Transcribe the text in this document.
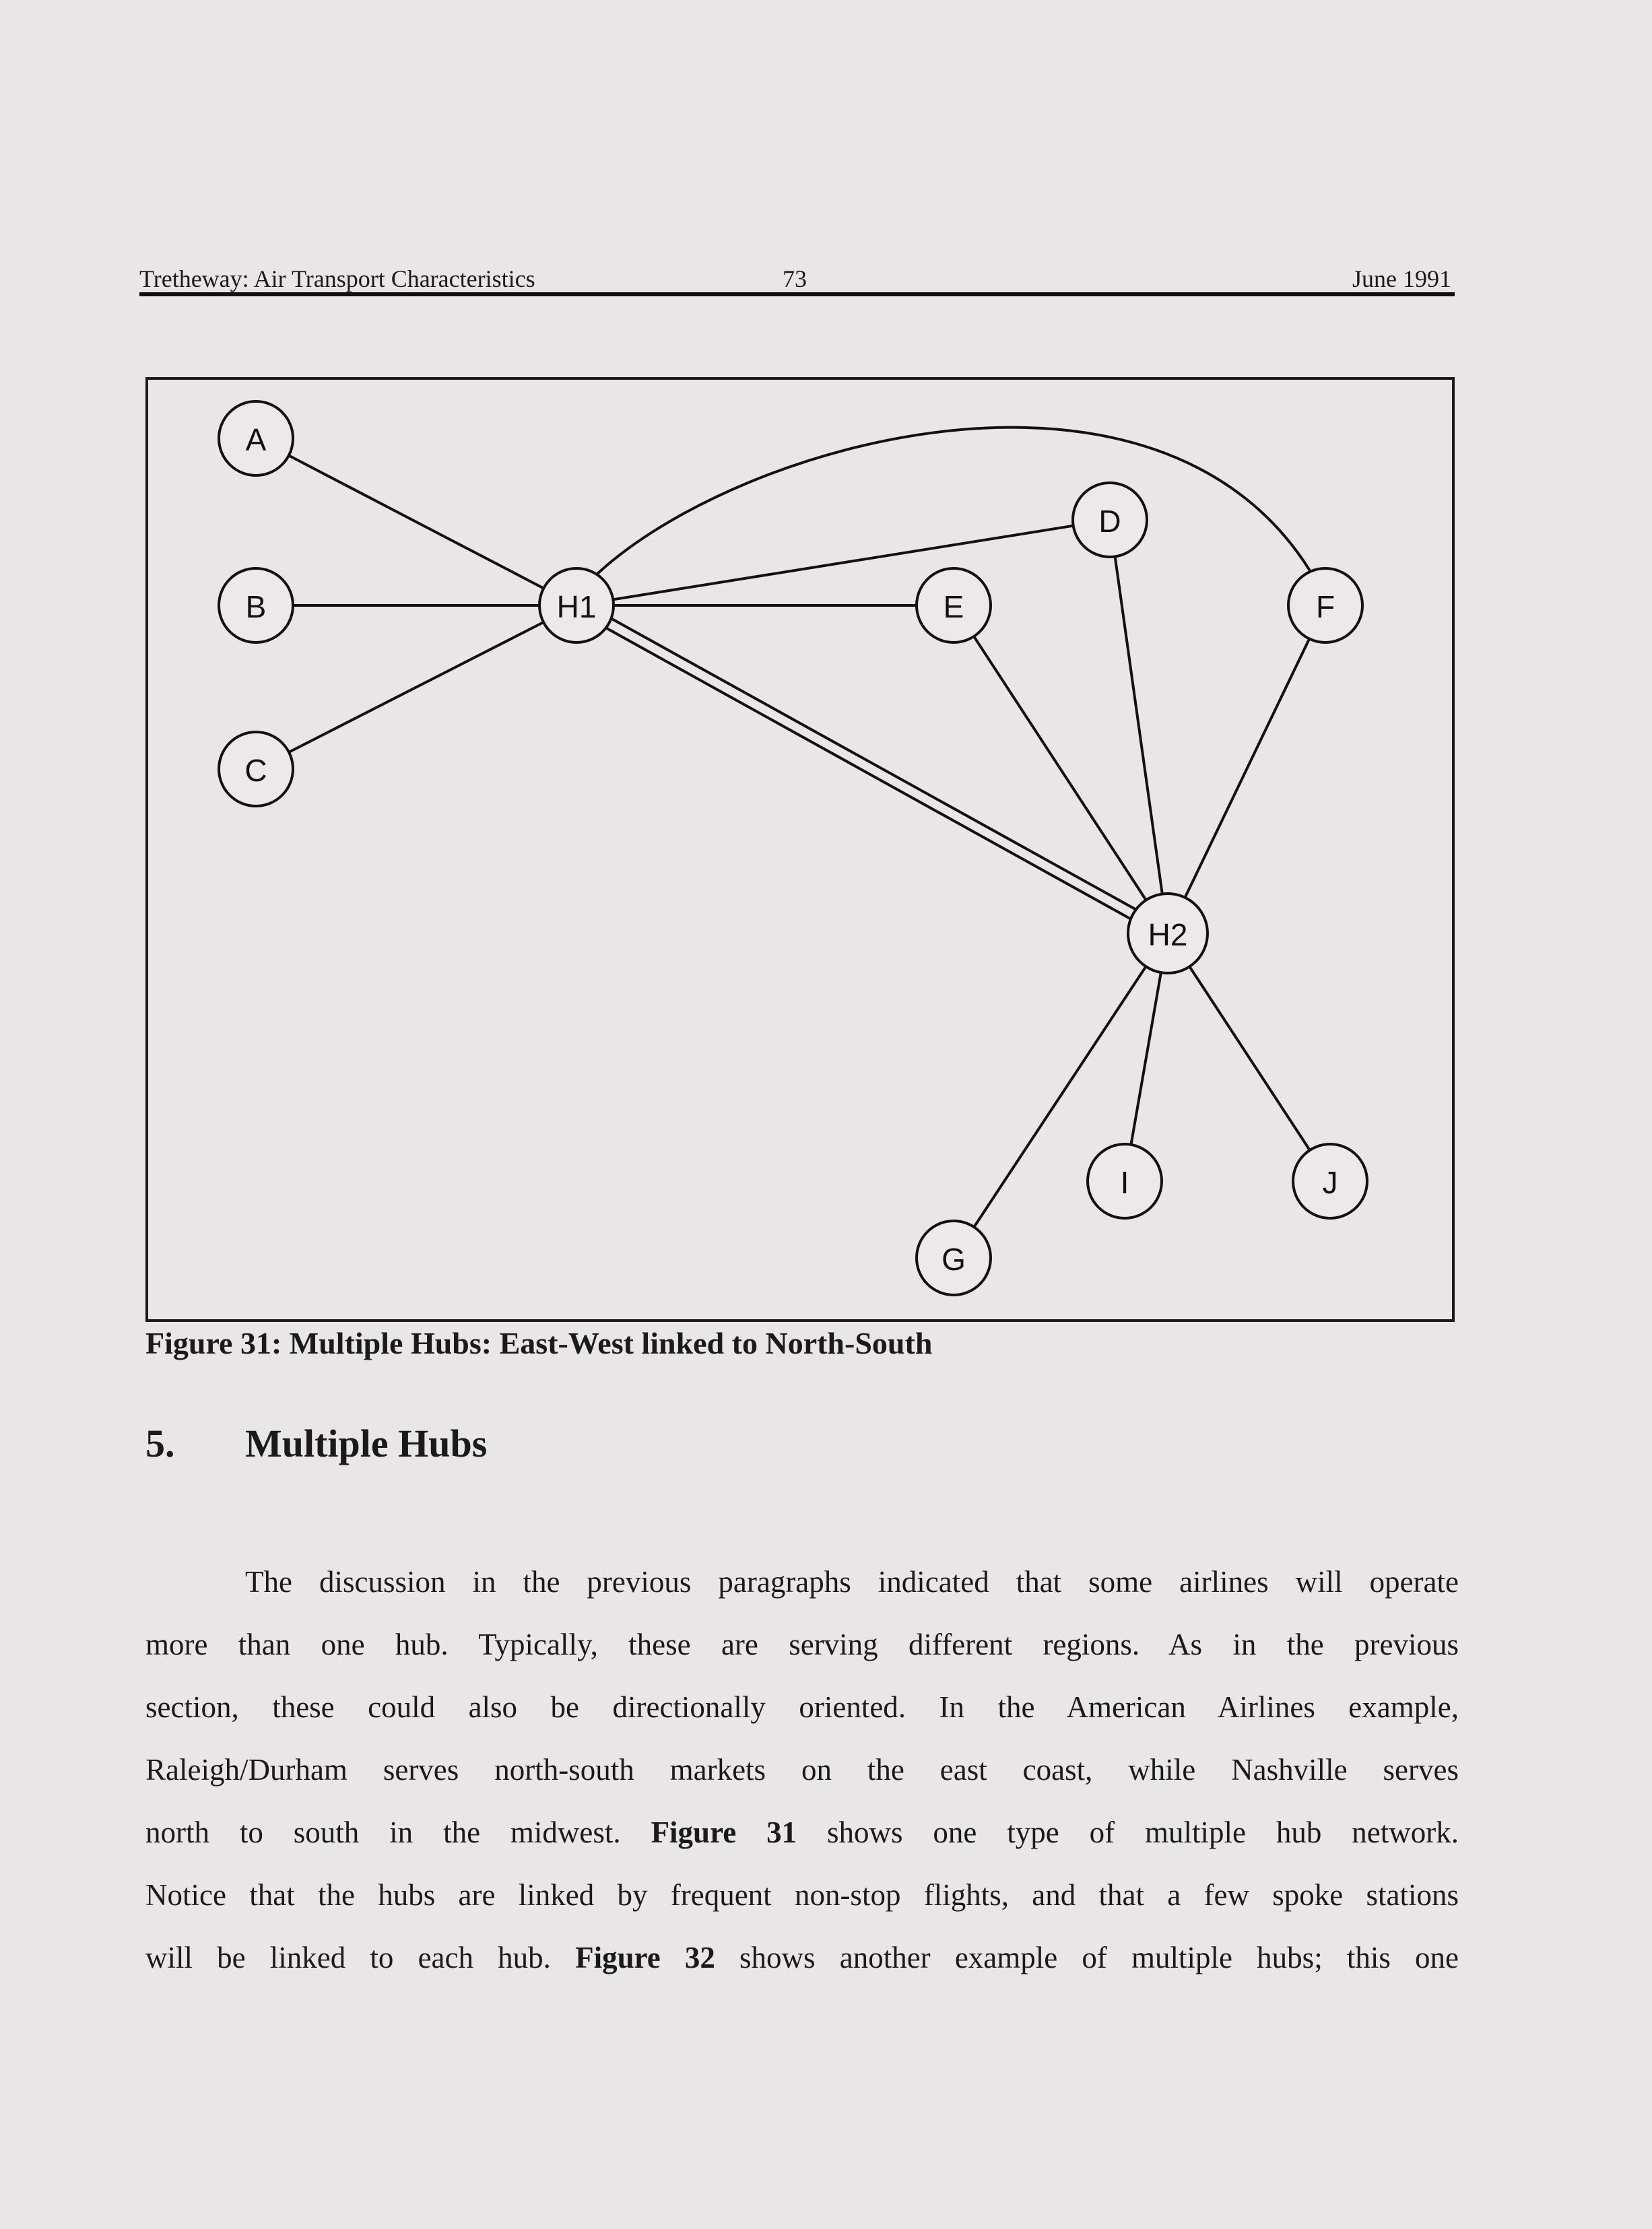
Tretheway: Air Transport Characteristics	73	June 1991
A
B
C
H1	E
D
F
H2
G
I	J
Figure 31: Multiple Hubs: East-West linked to North-South
5. Multiple Hubs
The discussion in the previous paragraphs indicated that some airlines will operate
more than one hub. Typically, these are serving different regions. As in the previous
section, these could also be directionally oriented. In the American Airlines example,
Raleigh/Durham serves north-south markets on the east coast, while Nashville serves
north to south in the midwest. Figure 31 shows one type of multiple hub network.
Notice that the hubs are linked by frequent non-stop flights, and that a few spoke stations
will be linked to each hub. Figure 32 shows another example of multiple hubs; this one
